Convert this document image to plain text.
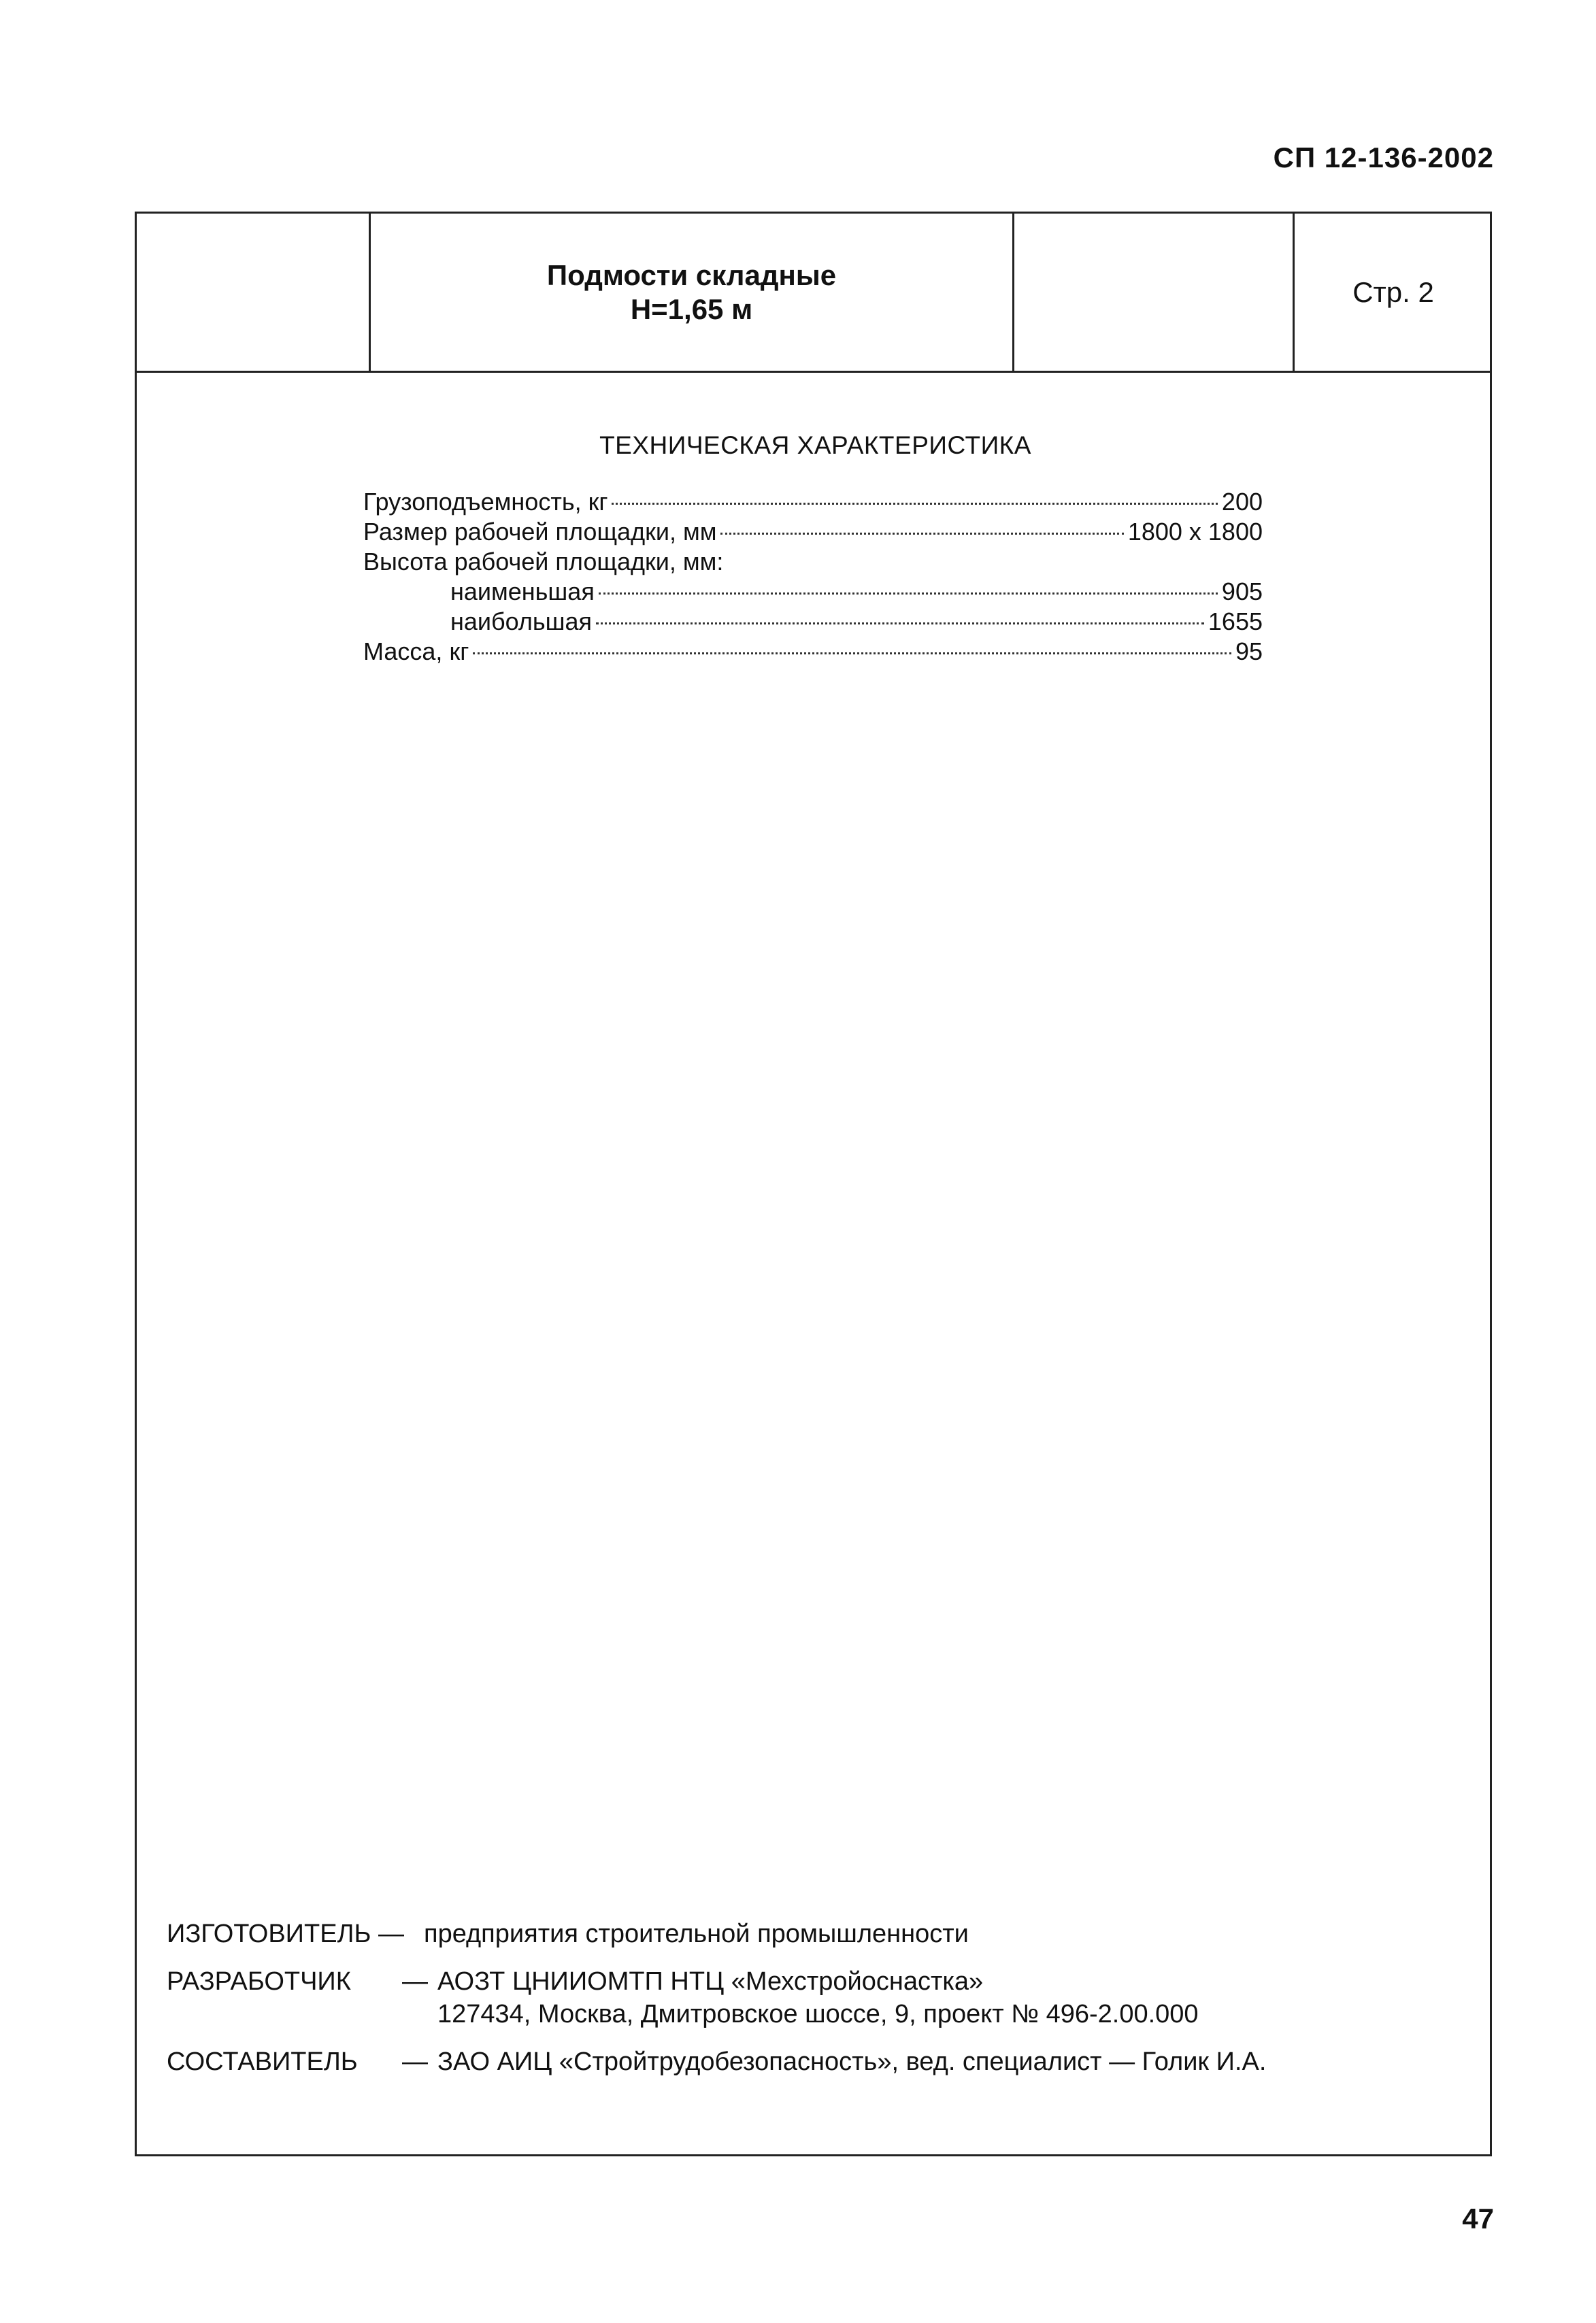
СП 12-136-2002
Подмости складные
Н=1,65 м
Стр. 2
ТЕХНИЧЕСКАЯ ХАРАКТЕРИСТИКА
Грузоподъемность, кг	200
Размер рабочей площадки, мм	1800 x 1800
Высота рабочей площадки, мм:
наименьшая	905
наибольшая	1655
Масса, кг	95
ИЗГОТОВИТЕЛЬ — предприятия строительной промышленности
РАЗРАБОТЧИК	— АОЗТ ЦНИИОМТП НТЦ «Мехстройоснастка»
127434, Москва, Дмитровское шоссе, 9, проект № 496-2.00.000
СОСТАВИТЕЛЬ	— ЗАО АИЦ «Стройтрудобезопасность», вед. специалист — Голик И.А.
47
